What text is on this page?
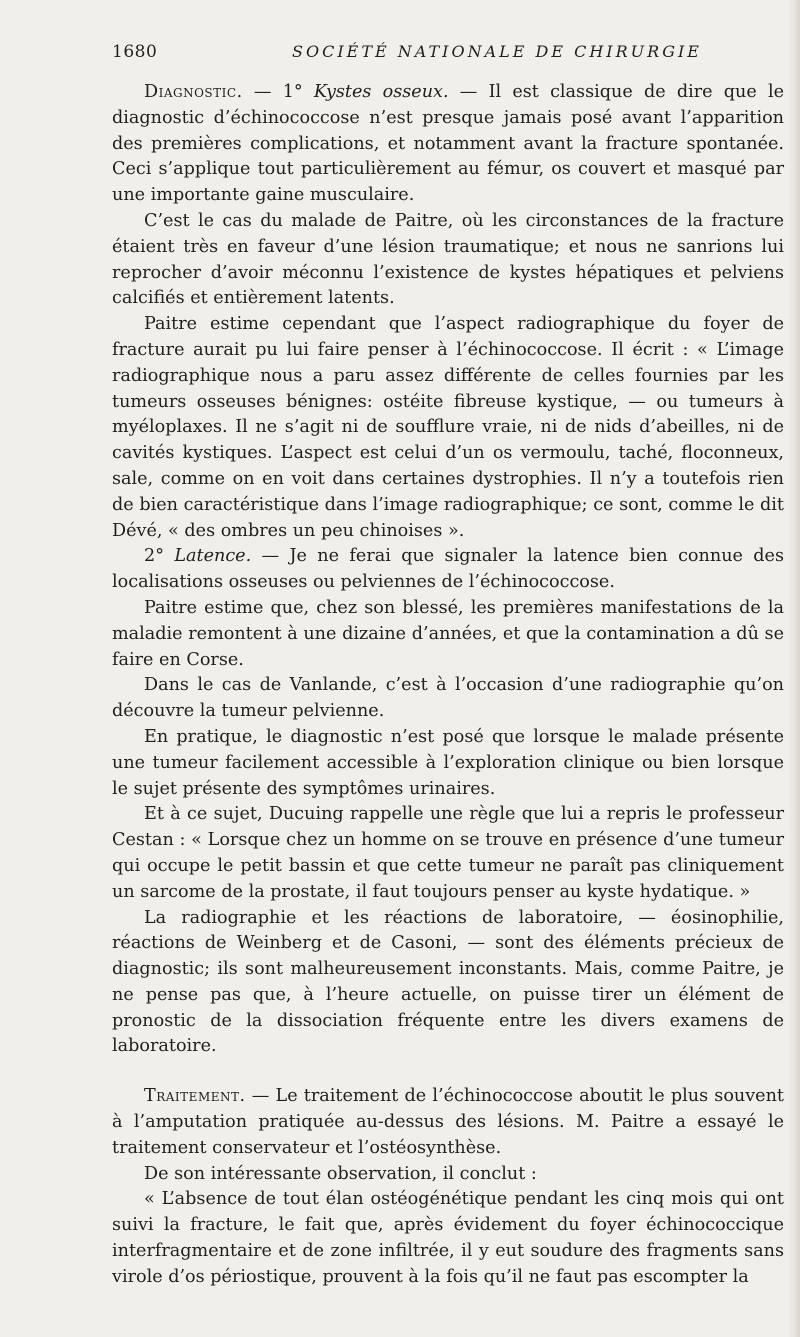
1680	SOCIÉTÉ NATIONALE DE CHIRURGIE

Diagnostic. — 1° Kystes osseux. — Il est classique de dire que le diagnostic d’échinococcose n’est presque jamais posé avant l’apparition des premières complications, et notamment avant la fracture spontanée. Ceci s’applique tout particulièrement au fémur, os couvert et masqué par une importante gaine musculaire.

C’est le cas du malade de Paitre, où les circonstances de la fracture étaient très en faveur d’une lésion traumatique; et nous ne sanrions lui reprocher d’avoir méconnu l’existence de kystes hépatiques et pelviens calcifiés et entièrement latents.

Paitre estime cependant que l’aspect radiographique du foyer de fracture aurait pu lui faire penser à l’échinococcose. Il écrit : « L’image radiographique nous a paru assez différente de celles fournies par les tumeurs osseuses bénignes: ostéite fibreuse kystique, — ou tumeurs à myéloplaxes. Il ne s’agit ni de soufflure vraie, ni de nids d’abeilles, ni de cavités kystiques. L’aspect est celui d’un os vermoulu, taché, floconneux, sale, comme on en voit dans certaines dystrophies. Il n’y a toutefois rien de bien caractéristique dans l’image radiographique; ce sont, comme le dit Dévé, « des ombres un peu chinoises ».

2° Latence. — Je ne ferai que signaler la latence bien connue des localisations osseuses ou pelviennes de l’échinococcose.

Paitre estime que, chez son blessé, les premières manifestations de la maladie remontent à une dizaine d’années, et que la contamination a dû se faire en Corse.

Dans le cas de Vanlande, c’est à l’occasion d’une radiographie qu’on découvre la tumeur pelvienne.

En pratique, le diagnostic n’est posé que lorsque le malade présente une tumeur facilement accessible à l’exploration clinique ou bien lorsque le sujet présente des symptômes urinaires.

Et à ce sujet, Ducuing rappelle une règle que lui a repris le professeur Cestan : « Lorsque chez un homme on se trouve en présence d’une tumeur qui occupe le petit bassin et que cette tumeur ne paraît pas cliniquement un sarcome de la prostate, il faut toujours penser au kyste hydatique. »

La radiographie et les réactions de laboratoire, — éosinophilie, réactions de Weinberg et de Casoni, — sont des éléments précieux de diagnostic; ils sont malheureusement inconstants. Mais, comme Paitre, je ne pense pas que, à l’heure actuelle, on puisse tirer un élément de pronostic de la dissociation fréquente entre les divers examens de laboratoire.

Traitement. — Le traitement de l’échinococcose aboutit le plus souvent à l’amputation pratiquée au-dessus des lésions. M. Paitre a essayé le traitement conservateur et l’ostéosynthèse.

De son intéressante observation, il conclut :

« L’absence de tout élan ostéogénétique pendant les cinq mois qui ont suivi la fracture, le fait que, après évidement du foyer échinococcique interfragmentaire et de zone infiltrée, il y eut soudure des fragments sans virole d’os périostique, prouvent à la fois qu’il ne faut pas escompter la
